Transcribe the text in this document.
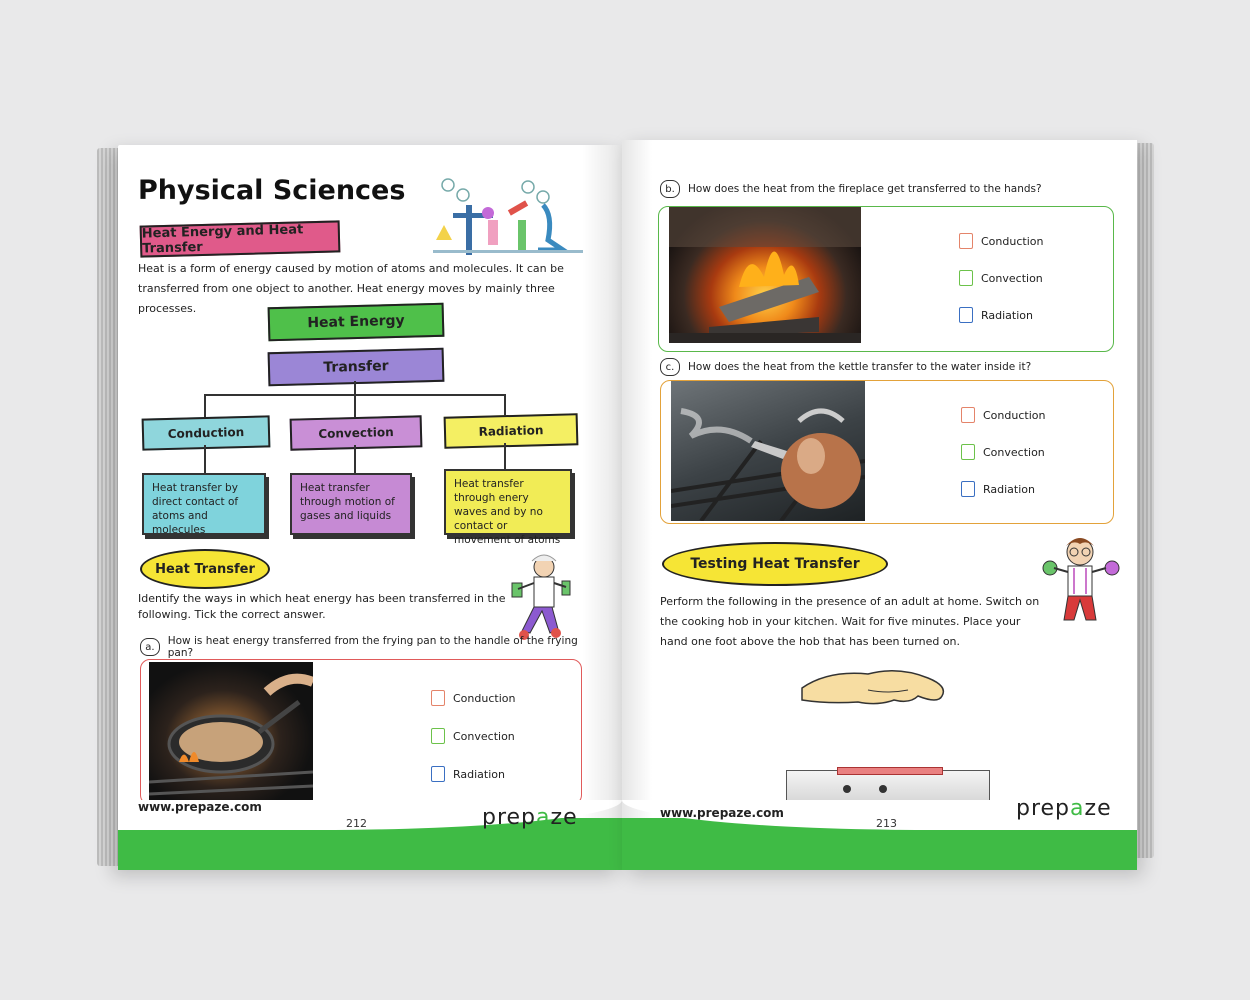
Physical Sciences
Heat Energy and Heat Transfer
Heat is a form of energy caused by motion of atoms and molecules. It can be transferred from one object to another. Heat energy moves by mainly three processes.
Heat Energy
Transfer
Conduction	Convection	Radiation
Heat transfer by direct contact of atoms and molecules
Heat transfer through motion of gases and liquids
Heat transfer through enery waves and by no contact or movement of atoms
Heat Transfer
Identify the ways in which heat energy has been transferred in the following. Tick the correct answer.
a.	How is heat energy transferred from the frying pan to the handle of the frying pan?
Conduction
Convection
Radiation
www.prepaze.com
212	prepaze
b.	How does the heat from the fireplace get transferred to the hands?
Conduction
Convection
Radiation
c.	How does the heat from the kettle transfer to the water inside it?
Conduction
Convection
Radiation
Testing Heat Transfer
Perform the following in the presence of an adult at home. Switch on the cooking hob in your kitchen. Wait for five minutes. Place your hand one foot above the hob that has been turned on.
www.prepaze.com
213
prepaze
